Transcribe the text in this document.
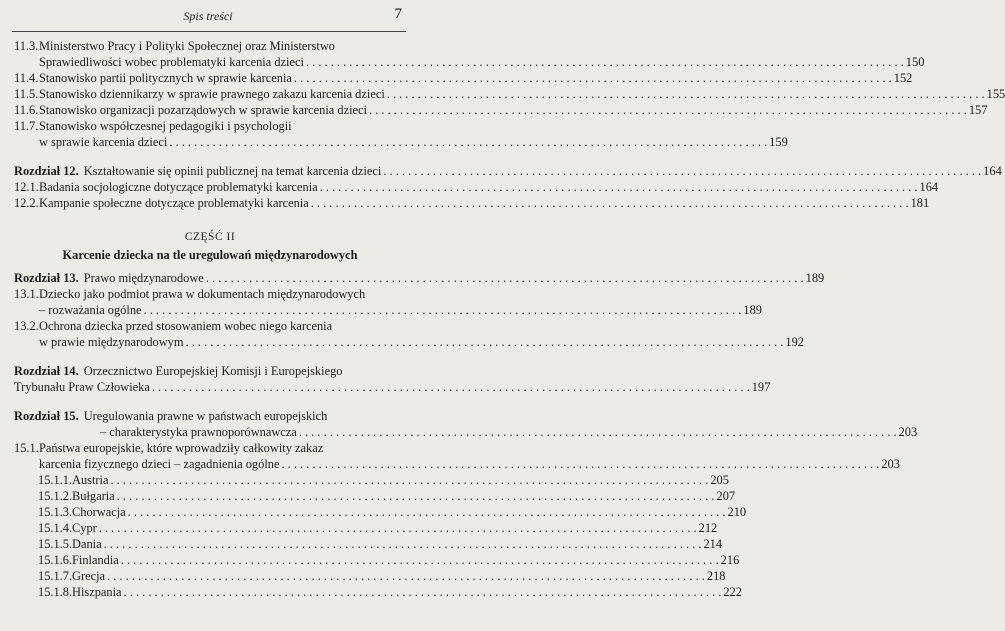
Spis treści	7
11.3. Ministerstwo Pracy i Polityki Społecznej oraz Ministerstwo
Sprawiedliwości wobec problematyki karcenia dzieci . . .	150
11.4. Stanowisko partii politycznych w sprawie karcenia . . .	152
11.5. Stanowisko dziennikarzy w sprawie prawnego zakazu karcenia dzieci . . .	155
11.6. Stanowisko organizacji pozarządowych w sprawie karcenia dzieci . . .	157
11.7. Stanowisko współczesnej pedagogiki i psychologii
w sprawie karcenia dzieci . . .	159
Rozdział 12. Kształtowanie się opinii publicznej na temat karcenia dzieci . . .	164
12.1. Badania socjologiczne dotyczące problematyki karcenia . . .	164
12.2. Kampanie społeczne dotyczące problematyki karcenia . . .	181
CZĘŚĆ II
Karcenie dziecka na tle uregulowań międzynarodowych
Rozdział 13. Prawo międzynarodowe . . .	189
13.1. Dziecko jako podmiot prawa w dokumentach międzynarodowych
– rozważania ogólne . . .	189
13.2. Ochrona dziecka przed stosowaniem wobec niego karcenia
w prawie międzynarodowym . . .	192
Rozdział 14. Orzecznictwo Europejskiej Komisji i Europejskiego
Trybunału Praw Człowieka . . .	197
Rozdział 15. Uregulowania prawne w państwach europejskich
– charakterystyka prawnoporównawcza . . .	203
15.1. Państwa europejskie, które wprowadziły całkowity zakaz
karcenia fizycznego dzieci – zagadnienia ogólne . . .	203
15.1.1. Austria . . .	205
15.1.2. Bułgaria . . .	207
15.1.3. Chorwacja . . .	210
15.1.4. Cypr . . .	212
15.1.5. Dania . . .	214
15.1.6. Finlandia . . .	216
15.1.7. Grecja . . .	218
15.1.8. Hiszpania . . .	222
